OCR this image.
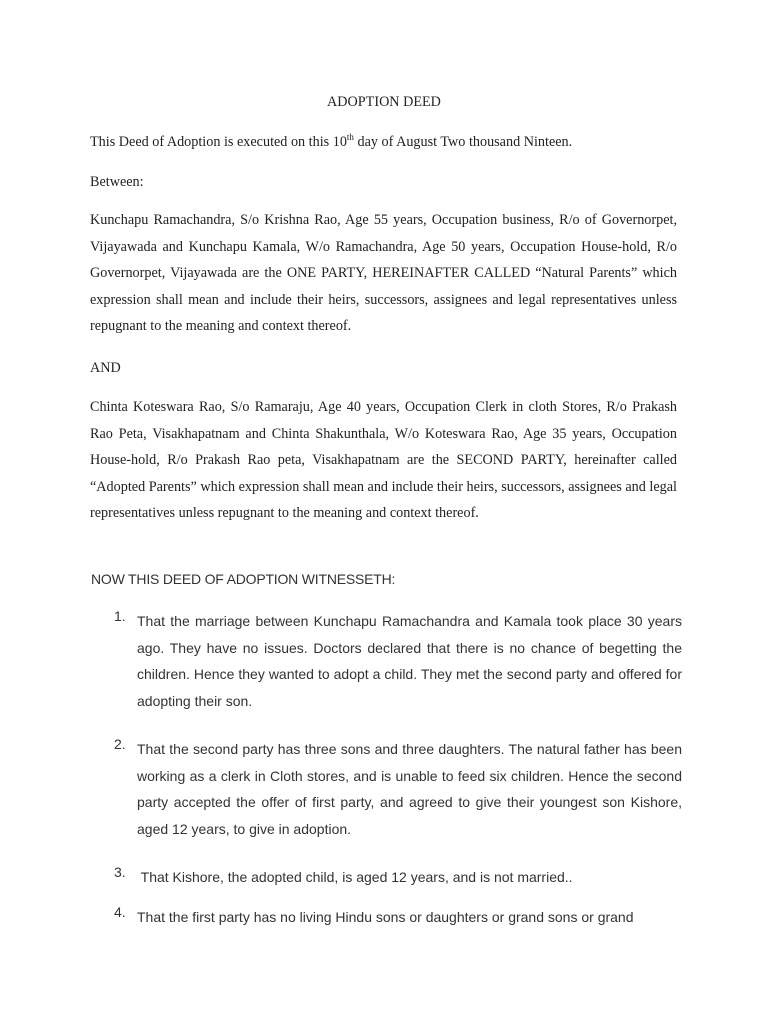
ADOPTION DEED
This Deed of Adoption is executed on this 10th day of August Two thousand Ninteen.
Between:
Kunchapu Ramachandra, S/o Krishna Rao, Age 55 years, Occupation business, R/o of Governorpet, Vijayawada and Kunchapu Kamala, W/o Ramachandra, Age 50 years, Occupation House-hold, R/o Governorpet, Vijayawada are the ONE PARTY, HEREINAFTER CALLED “Natural Parents” which expression shall mean and include their heirs, successors, assignees and legal representatives unless repugnant to the meaning and context thereof.
AND
Chinta Koteswara Rao, S/o Ramaraju, Age 40 years, Occupation Clerk in cloth Stores, R/o Prakash Rao Peta, Visakhapatnam and Chinta Shakunthala, W/o Koteswara Rao, Age 35 years, Occupation House-hold, R/o Prakash Rao peta, Visakhapatnam are the SECOND PARTY, hereinafter called “Adopted Parents” which expression shall mean and include their heirs, successors, assignees and legal representatives unless repugnant to the meaning and context thereof.
NOW THIS DEED OF ADOPTION WITNESSETH:
1. That the marriage between Kunchapu Ramachandra and Kamala took place 30 years ago. They have no issues. Doctors declared that there is no chance of begetting the children. Hence they wanted to adopt a child. They met the second party and offered for adopting their son.
2. That the second party has three sons and three daughters. The natural father has been working as a clerk in Cloth stores, and is unable to feed six children. Hence the second party accepted the offer of first party, and agreed to give their youngest son Kishore, aged 12 years, to give in adoption.
3. That Kishore, the adopted child, is aged 12 years, and is not married..
4. That the first party has no living Hindu sons or daughters or grand sons or grand
